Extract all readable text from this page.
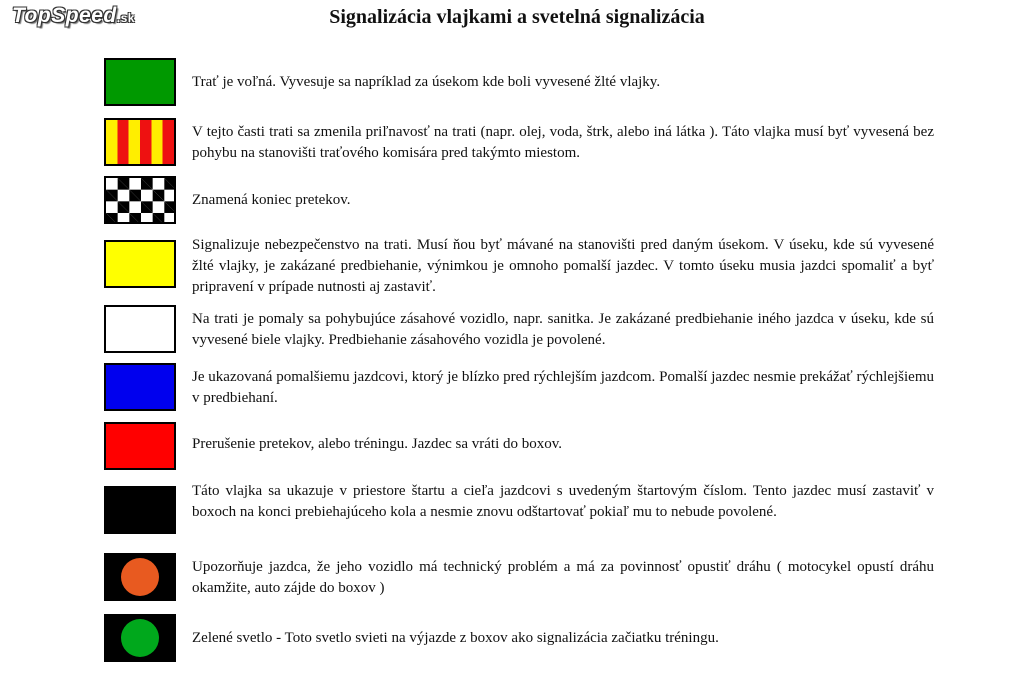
TopSpeed.sk	Signalizácia vlajkami a svetelná signalizácia
Trať je voľná. Vyvesuje sa napríklad za úsekom kde boli vyvesené žlté vlajky.
V tejto časti trati sa zmenila priľnavosť na trati (napr. olej, voda, štrk, alebo iná látka ). Táto vlajka musí byť vyvesená bez pohybu na stanovišti traťového komisára pred takýmto miestom.
Znamená koniec pretekov.
Signalizuje nebezpečenstvo na trati. Musí ňou byť mávané na stanovišti pred daným úsekom. V úseku, kde sú vyvesené žlté vlajky, je zakázané predbiehanie, výnimkou je omnoho pomalší jazdec. V tomto úseku musia jazdci spomaliť a byť pripravení v prípade nutnosti aj zastaviť.
Na trati je pomaly sa pohybujúce zásahové vozidlo, napr. sanitka. Je zakázané predbiehanie iného jazdca v úseku, kde sú vyvesené biele vlajky. Predbiehanie zásahového vozidla je povolené.
Je ukazovaná pomalšiemu jazdcovi, ktorý je blízko pred rýchlejším jazdcom. Pomalší jazdec nesmie prekážať rýchlejšiemu v predbiehaní.
Prerušenie pretekov, alebo tréningu. Jazdec sa vráti do boxov.
Táto vlajka sa ukazuje v priestore štartu a cieľa jazdcovi s uvedeným štartovým číslom. Tento jazdec musí zastaviť v boxoch na konci prebiehajúceho kola a nesmie znovu odštartovať pokiaľ mu to nebude povolené.
Upozorňuje jazdca, že jeho vozidlo má technický problém a má za povinnosť opustiť dráhu ( motocykel opustí dráhu okamžite, auto zájde do boxov )
Zelené svetlo - Toto svetlo svieti na výjazde z boxov ako signalizácia začiatku tréningu.
